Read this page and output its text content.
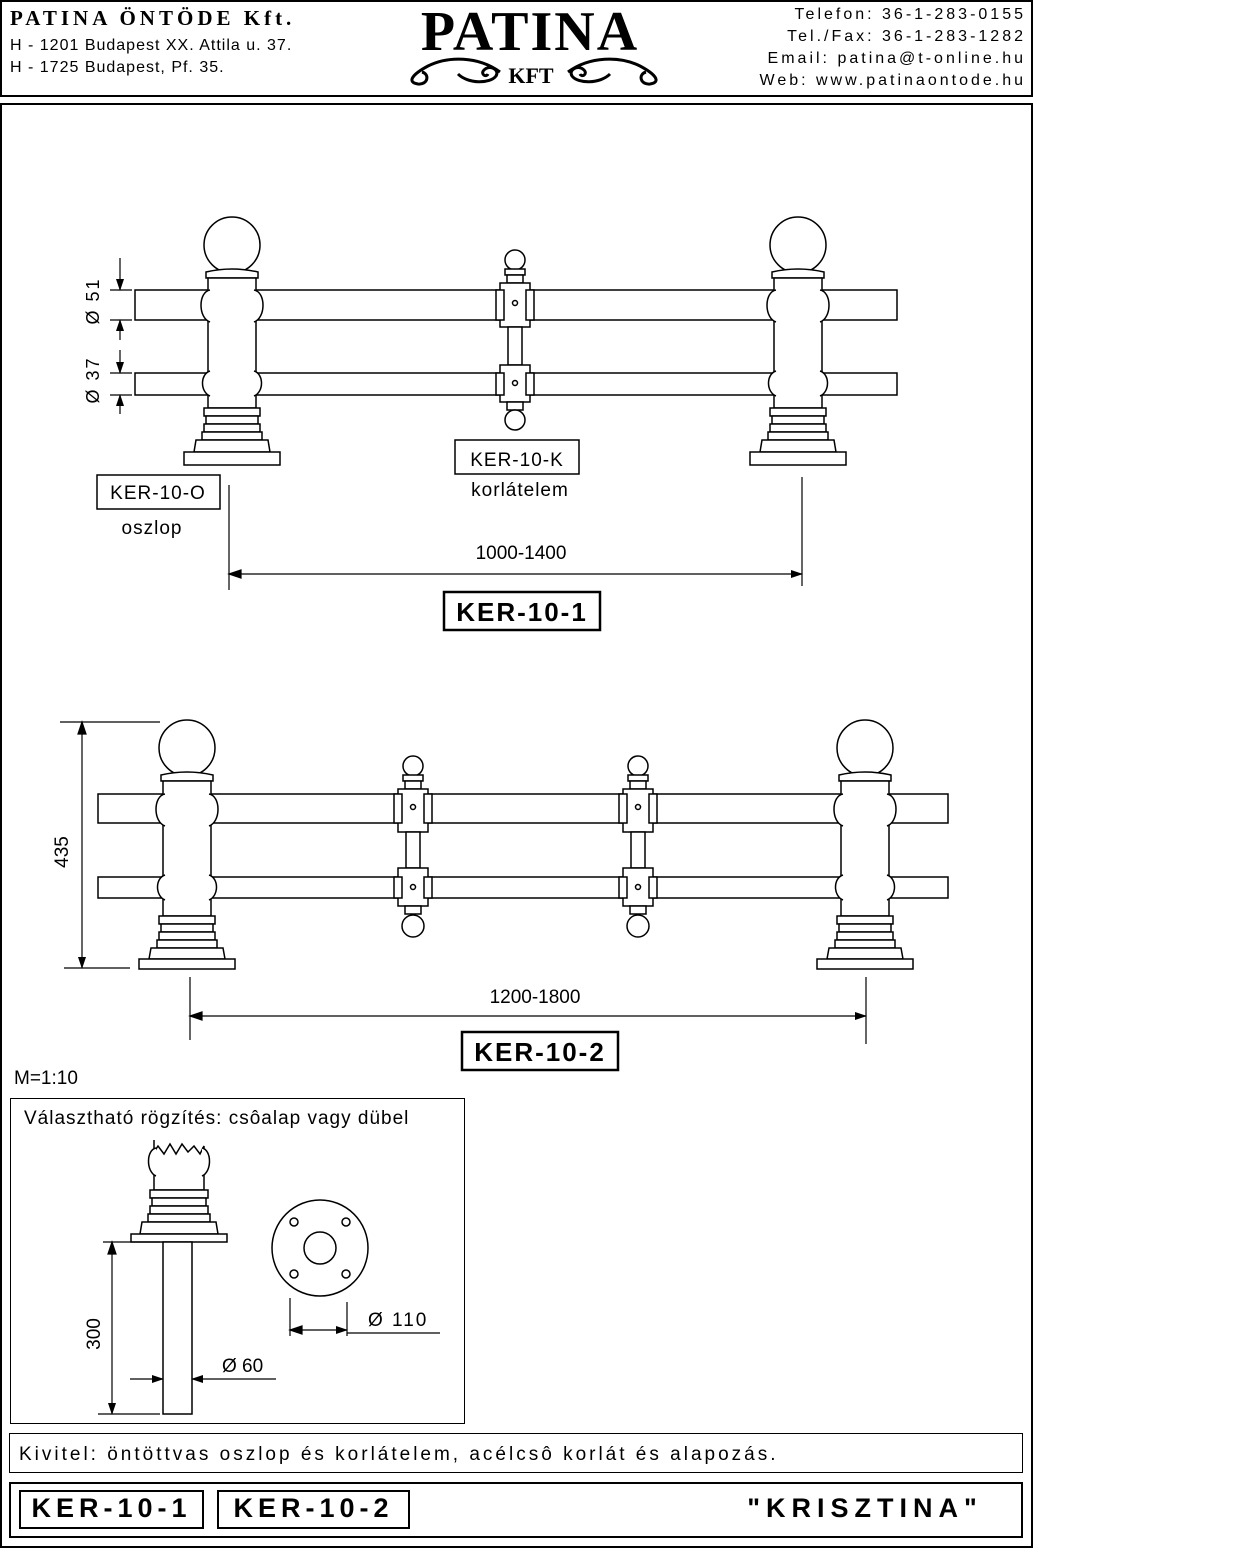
PATINA ÖNTÖDE Kft.
H - 1201 Budapest XX. Attila u. 37.
H - 1725 Budapest, Pf. 35.
PATINA
KFT
Telefon: 36-1-283-0155
Tel./Fax: 36-1-283-1282
Email: patina@t-online.hu
Web: www.patinaontode.hu
Ø 51
Ø 37
KER-10-O
oszlop
KER-10-K
korlátelem
1000-1400
KER-10-1
435
1200-1800
KER-10-2
M=1:10
Választható rögzítés: csôalap vagy dübel
300
Ø 60
Ø 110
Kivitel: öntöttvas oszlop és korlátelem, acélcsô korlát és alapozás.
KER-10-1	KER-10-2	"KRISZTINA"
